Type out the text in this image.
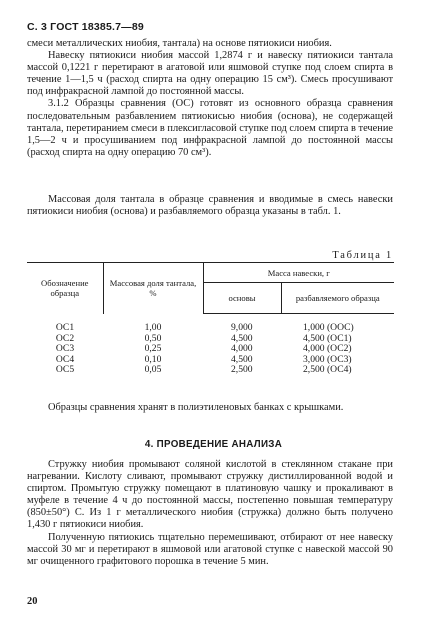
С. 3 ГОСТ 18385.7—89

смеси металлических ниобия, тантала) на основе пятиокиси ниобия.

Навеску пятиокиси ниобия массой 1,2874 г и навеску пятиокиси тантала массой 0,1221 г перетирают в агатовой или яшмовой ступке под слоем спирта в течение 1—1,5 ч (расход спирта на одну операцию 15 см³). Смесь просушивают под инфракрасной лампой до постоянной массы.

3.1.2 Образцы сравнения (ОС) готовят из основного образца сравнения последовательным разбавлением пятиокисью ниобия (основа), не содержащей тантала, перетиранием смеси в плексигласовой ступке под слоем спирта в течение 1,5—2 ч и просушиванием под инфракрасной лампой до постоянной массы (расход спирта на одну операцию 70 см³).

Массовая доля тантала в образце сравнения и вводимые в смесь навески пятиокиси ниобия (основа) и разбавляемого образца указаны в табл. 1.

Таблица 1
Обозначение образца	Массовая доля тантала, %	Масса навески, г	
		основы	разбавляемого образца
ОС1	1,00	9,000	1,000 (ООС)
ОС2	0,50	4,500	4,500 (ОС1)
ОС3	0,25	4,000	4,000 (ОС2)
ОС4	0,10	4,500	3,000 (ОС3)
ОС5	0,05	2,500	2,500 (ОС4)

Образцы сравнения хранят в полиэтиленовых банках с крышками.

4. ПРОВЕДЕНИЕ АНАЛИЗА

Стружку ниобия промывают соляной кислотой в стеклянном стакане при нагревании. Кислоту сливают, промывают стружку дистиллированной водой и спиртом. Промытую стружку помещают в платиновую чашку и прокаливают в муфеле в течение 4 ч до постоянной массы, постепенно повышая температуру (850±50°) С. Из 1 г металлического ниобия (стружка) должно быть получено 1,430 г пятиокиси ниобия.

Полученную пятиокись тщательно перемешивают, отбирают от нее навеску массой 30 мг и перетирают в яшмовой или агатовой ступке с навеской массой 90 мг очищенного графитового порошка в течение 5 мин.

20
